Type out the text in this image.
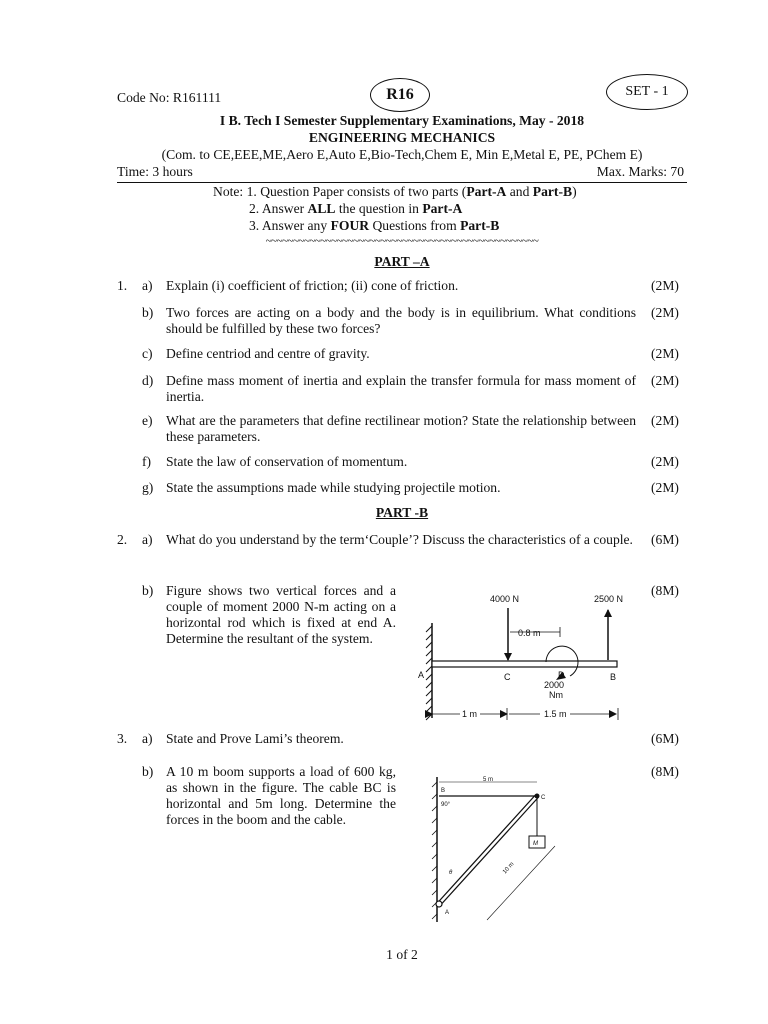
Code No: R161111	R16	SET - 1
I B. Tech I Semester Supplementary Examinations, May - 2018
ENGINEERING MECHANICS
(Com. to CE,EEE,ME,Aero E,Auto E,Bio-Tech,Chem E, Min E,Metal E, PE, PChem E)
Time: 3 hours	Max. Marks: 70
Note: 1. Question Paper consists of two parts (Part-A and Part-B)
2. Answer ALL the question in Part-A
3. Answer any FOUR Questions from Part-B
~~~~~~~~~~~~~~~~~~~~~~~~~~~~~~~~~~~~~~~~~~~~~~~~~~
PART –A
1. a) Explain (i) coefficient of friction; (ii) cone of friction.	(2M)
b) Two forces are acting on a body and the body is in equilibrium. What conditions should be fulfilled by these two forces?
(2M)
c) Define centriod and centre of gravity.	(2M)
d) Define mass moment of inertia and explain the transfer formula for mass moment of inertia.
(2M)
e) What are the parameters that define rectilinear motion? State the relationship between these parameters.
(2M)
f) State the law of conservation of momentum.	(2M)
g) State the assumptions made while studying projectile motion.	(2M)
PART -B
2. a) What do you understand by the term‘Couple’? Discuss the characteristics of a couple. (6M)
b) Figure shows two vertical forces and a couple of moment 2000 N-m acting on a horizontal rod which is fixed at end A. Determine the resultant of the system.
(8M)
4000 N	2500 N
0.8 m
2000
Nm
A	C	D	B
1 m	1.5 m
3. a) State and Prove Lami’s theorem.	(6M)
b) A 10 m boom supports a load of 600 kg, as shown in the figure. The cable BC is horizontal and 5m long. Determine the forces in the boom and the cable.
(8M)
5 m
B
90°
C
M
10 m
θ
A
1 of 2
